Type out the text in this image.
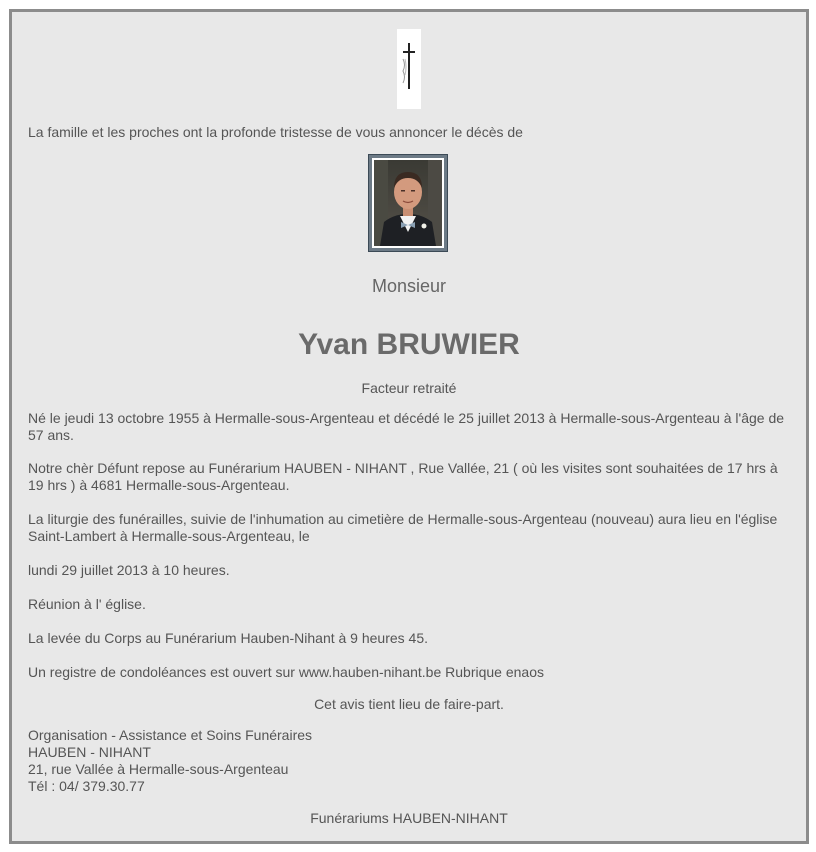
La famille et les proches ont la profonde tristesse de vous annoncer le décès de
Monsieur
Yvan BRUWIER
Facteur retraité
Né le jeudi 13 octobre 1955 à Hermalle-sous-Argenteau et décédé le 25 juillet 2013 à Hermalle-sous-Argenteau à l'âge de 57 ans.
Notre chèr Défunt repose au Funérarium HAUBEN - NIHANT , Rue Vallée, 21 ( où les visites sont souhaitées de 17 hrs à 19 hrs ) à 4681 Hermalle-sous-Argenteau.
La liturgie des funérailles, suivie de l'inhumation au cimetière de Hermalle-sous-Argenteau (nouveau) aura lieu en l'église Saint-Lambert à Hermalle-sous-Argenteau, le
lundi 29 juillet 2013 à 10 heures.
Réunion à l' église.
La levée du Corps au Funérarium Hauben-Nihant à 9 heures 45.
Un registre de condoléances est ouvert sur www.hauben-nihant.be Rubrique enaos
Cet avis tient lieu de faire-part.
Organisation - Assistance et Soins Funéraires
HAUBEN - NIHANT
21, rue Vallée à Hermalle-sous-Argenteau
Tél : 04/ 379.30.77
Funérariums HAUBEN-NIHANT
